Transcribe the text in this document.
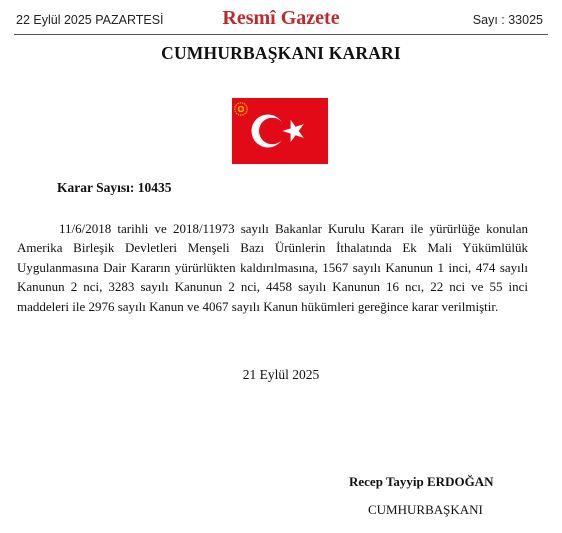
22 Eylül 2025 PAZARTESİ	Resmî Gazete	Sayı : 33025
CUMHURBAŞKANI KARARI
Karar Sayısı: 10435

11/6/2018 tarihli ve 2018/11973 sayılı Bakanlar Kurulu Kararı ile yürürlüğe konulan Amerika Birleşik Devletleri Menşeli Bazı Ürünlerin İthalatında Ek Mali Yükümlülük Uygulanmasına Dair Kararın yürürlükten kaldırılmasına, 1567 sayılı Kanunun 1 inci, 474 sayılı Kanunun 2 nci, 3283 sayılı Kanunun 2 nci, 4458 sayılı Kanunun 16 ncı, 22 nci ve 55 inci maddeleri ile 2976 sayılı Kanun ve 4067 sayılı Kanun hükümleri gereğince karar verilmiştir.

21 Eylül 2025
Recep Tayyip ERDOĞAN
CUMHURBAŞKANI
